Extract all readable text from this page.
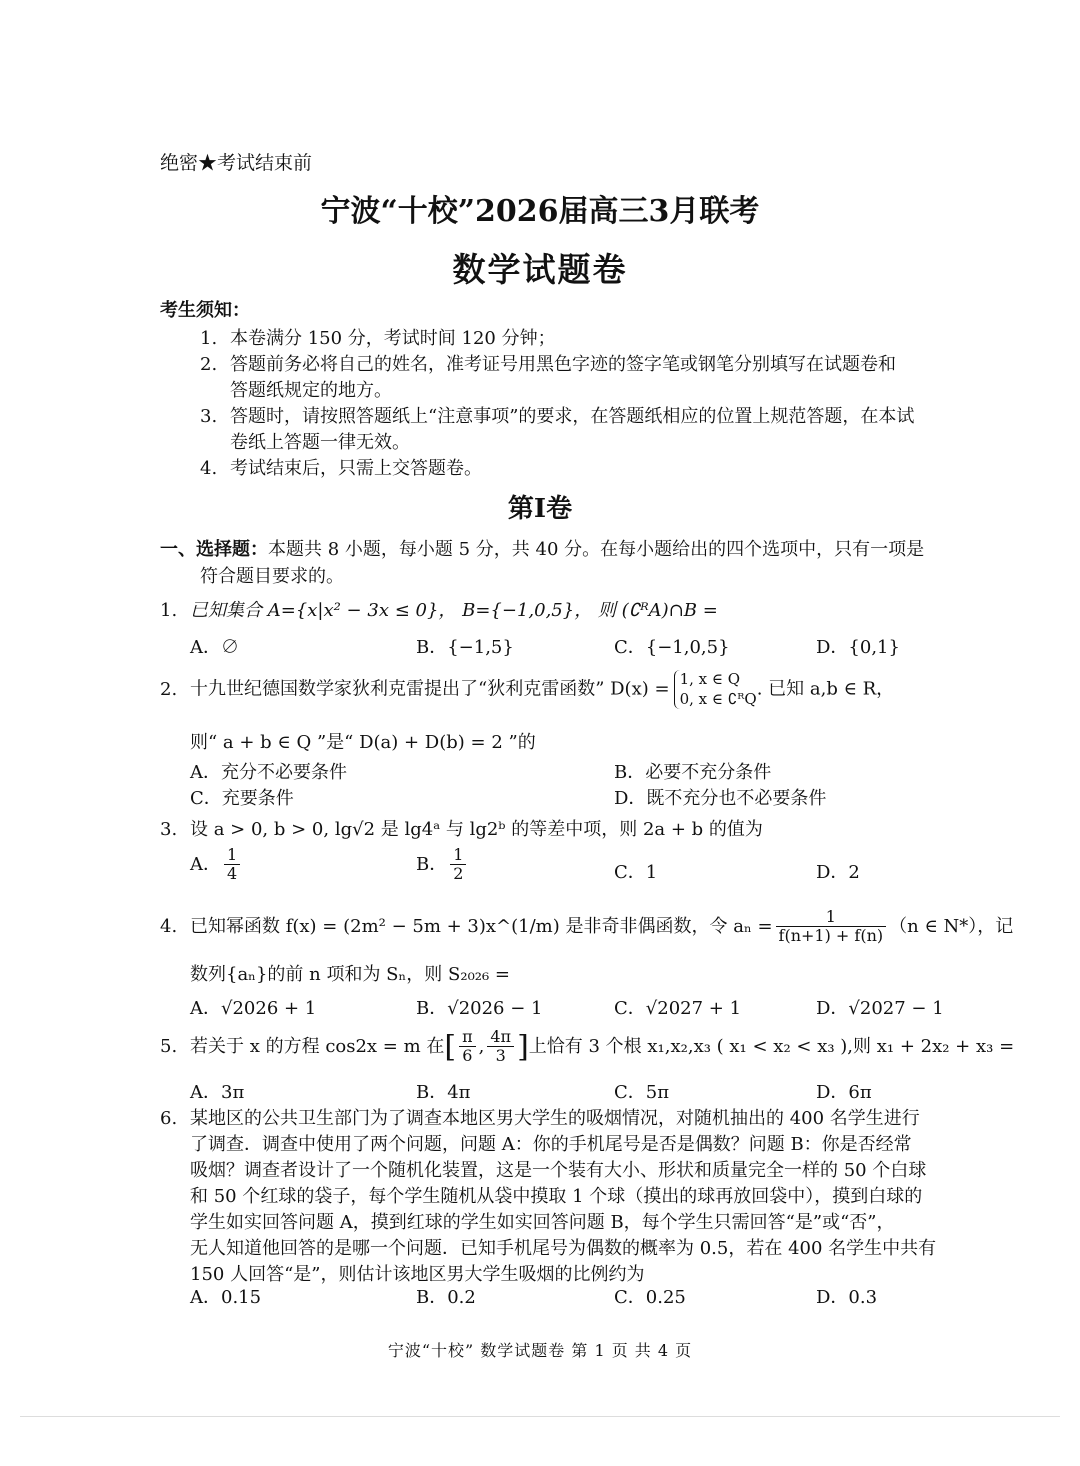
绝密★考试结束前
宁波“十校”2026届高三3月联考
数学试题卷
考生须知：
1. 本卷满分 150 分，考试时间 120 分钟；
2. 答题前务必将自己的姓名，准考证号用黑色字迹的签字笔或钢笔分别填写在试题卷和
答题纸规定的地方。
3. 答题时，请按照答题纸上“注意事项”的要求，在答题纸相应的位置上规范答题，在本试
卷纸上答题一律无效。
4. 考试结束后，只需上交答题卷。
第Ⅰ卷
一、选择题：本题共 8 小题，每小题 5 分，共 40 分。在每小题给出的四个选项中，只有一项是
符合题目要求的。
1. 已知集合 A={x|x² − 3x ≤ 0}， B={−1,0,5}， 则 (∁ᴿA)∩B =
A．∅	B．{−1,5}	C．{−1,0,5}	D．{0,1}
2. 十九世纪德国数学家狄利克雷提出了“狄利克雷函数” D(x) = 1, x ∈ Q
0, x ∈ ∁ᴿQ . 已知 a,b ∈ R，
则“ a + b ∈ Q ”是“ D(a) + D(b) = 2 ”的
A．充分不必要条件	B．必要不充分条件
C．充要条件	D．既不充分也不必要条件
3. 设 a > 0, b > 0, lg√2 是 lg4ᵃ 与 lg2ᵇ 的等差中项，则 2a + b 的值为
A． $\frac{1}{4}$	B． $\frac{1}{2}$	C．1	D．2
4. 已知幂函数 f(x) = (2m² − 5m + 3)x^(1/m) 是非奇非偶函数，令 $a_n = \frac{1}{f(n+1) + f(n)} (n$ ∈ N*），记
数列{aₙ}的前 n 项和为 Sₙ，则 S₂₀₂₆ =
A．√2026 + 1	B．√2026 − 1	C．√2027 + 1	D．√2027 − 1
5. 若关于 x 的方程 cos2x = m 在[ $\frac{\pi}{6}$ , $\frac{4\pi}{3}$ ]上恰有 3 个根 x₁,x₂,x₃ ( x₁ < x₂ < x₃ ),则 x₁ + 2x₂ + x₃ =
A．3π	B．4π	C．5π	D．6π
6. 某地区的公共卫生部门为了调查本地区男大学生的吸烟情况，对随机抽出的 400 名学生进行
了调查．调查中使用了两个问题，问题 A：你的手机尾号是否是偶数？问题 B：你是否经常
吸烟？调查者设计了一个随机化装置，这是一个装有大小、形状和质量完全一样的 50 个白球
和 50 个红球的袋子，每个学生随机从袋中摸取 1 个球（摸出的球再放回袋中），摸到白球的
学生如实回答问题 A，摸到红球的学生如实回答问题 B，每个学生只需回答“是”或“否”，
无人知道他回答的是哪一个问题．已知手机尾号为偶数的概率为 0.5，若在 400 名学生中共有
150 人回答“是”，则估计该地区男大学生吸烟的比例约为
A．0.15	B．0.2	C．0.25	D．0.3
宁波“十校” 数学试题卷 第 1 页 共 4 页
